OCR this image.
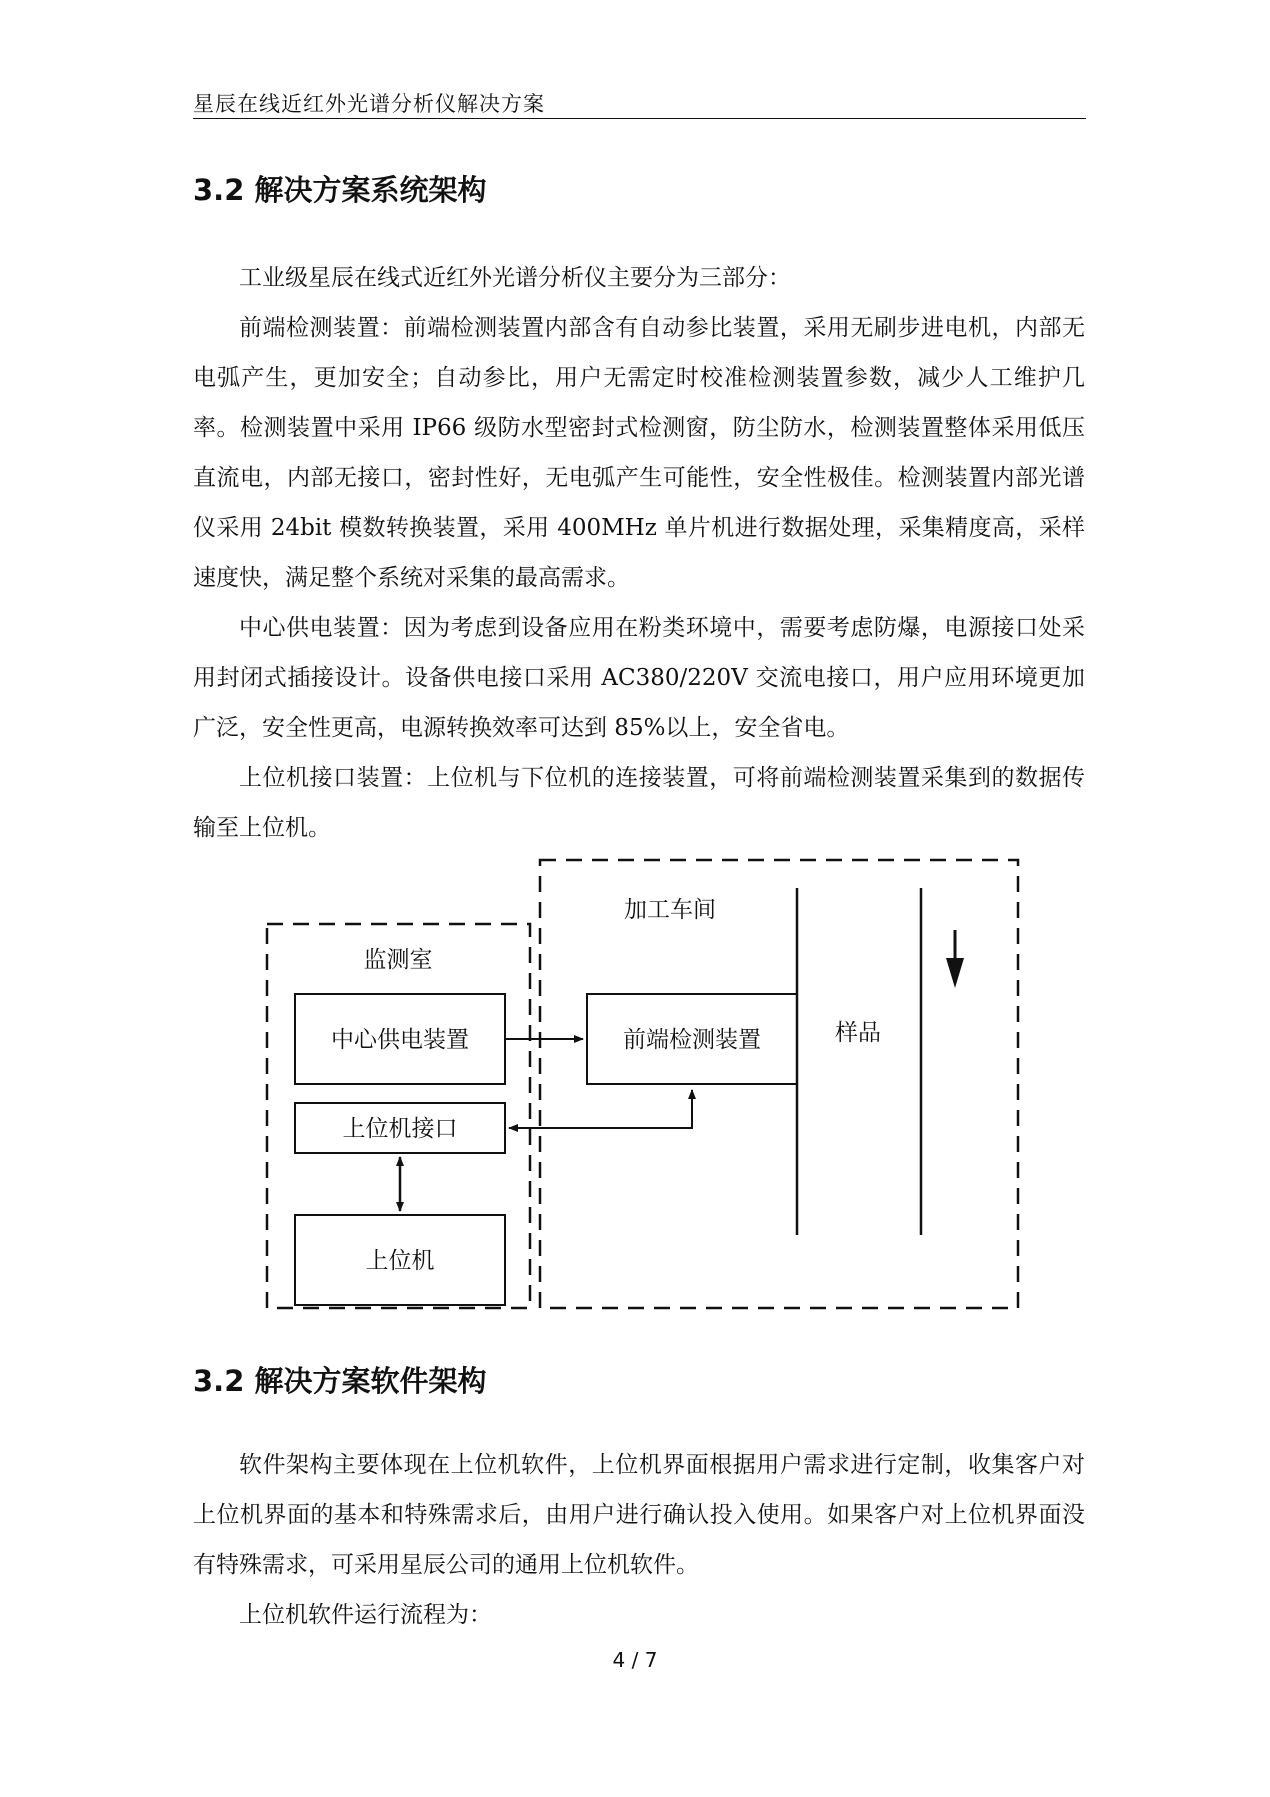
星辰在线近红外光谱分析仪解决方案
3.2 解决方案系统架构

工业级星辰在线式近红外光谱分析仪主要分为三部分：

前端检测装置：前端检测装置内部含有自动参比装置，采用无刷步进电机，内部无电弧产生，更加安全；自动参比，用户无需定时校准检测装置参数，减少人工维护几率。检测装置中采用 IP66 级防水型密封式检测窗，防尘防水，检测装置整体采用低压直流电，内部无接口，密封性好，无电弧产生可能性，安全性极佳。检测装置内部光谱仪采用 24bit 模数转换装置，采用 400MHz 单片机进行数据处理，采集精度高，采样速度快，满足整个系统对采集的最高需求。

中心供电装置：因为考虑到设备应用在粉类环境中，需要考虑防爆，电源接口处采用封闭式插接设计。设备供电接口采用 AC380/220V 交流电接口，用户应用环境更加广泛，安全性更高，电源转换效率可达到 85%以上，安全省电。

上位机接口装置：上位机与下位机的连接装置，可将前端检测装置采集到的数据传输至上位机。

监测室
加工车间
中心供电装置
上位机接口
上位机
前端检测装置	样品
3.2 解决方案软件架构

软件架构主要体现在上位机软件，上位机界面根据用户需求进行定制，收集客户对上位机界面的基本和特殊需求后，由用户进行确认投入使用。如果客户对上位机界面没有特殊需求，可采用星辰公司的通用上位机软件。

上位机软件运行流程为：

4 / 7
